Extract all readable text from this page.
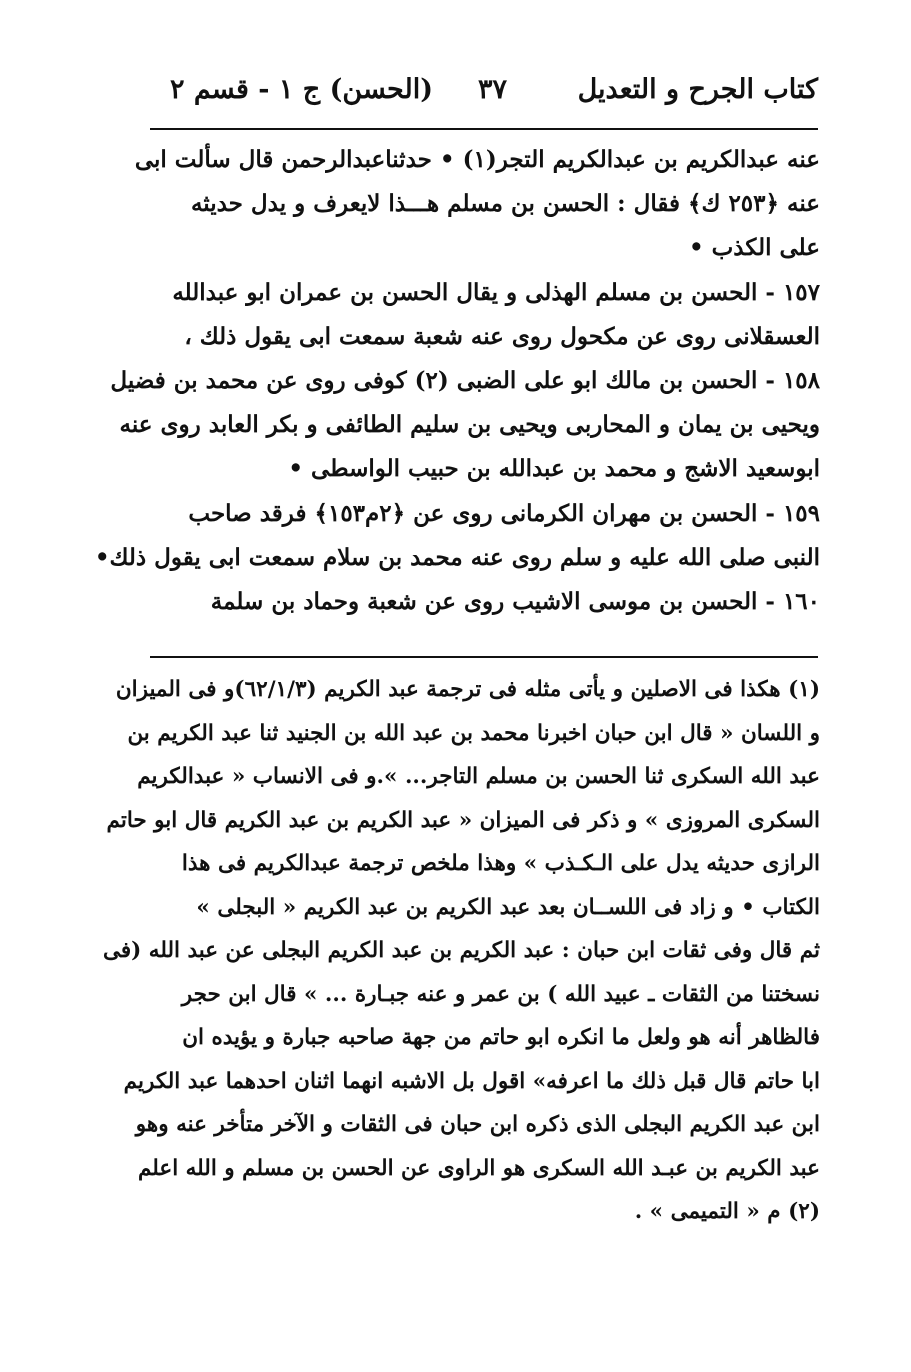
كتاب الجرح و التعديل
٣٧
(الحسن) ج ١ - قسم ٢
عنه عبدالكريم بن عبدالكريم التجر(١) • حدثناعبدالرحمن قال سألت ابى
عنه ﴿٢٥٣ ك﴾ فقال : الحسن بن مسلم هـــذا لايعرف و يدل حديثه
على الكذب •
١٥٧ - الحسن بن مسلم الهذلى و يقال الحسن بن عمران ابو عبدالله
العسقلانى روى عن مكحول روى عنه شعبة سمعت ابى يقول ذلك ،
١٥٨ - الحسن بن مالك ابو على الضبى (٢) كوفى روى عن محمد بن فضيل
ويحيى بن يمان و المحاربى ويحيى بن سليم الطائفى و بكر العابد روى عنه
ابوسعيد الاشج و محمد بن عبدالله بن حبيب الواسطى •
١٥٩ - الحسن بن مهران الكرمانى روى عن ﴿٢م١٥٣﴾ فرقد صاحب
النبى صلى الله عليه و سلم روى عنه محمد بن سلام سمعت ابى يقول ذلك•
١٦٠ - الحسن بن موسى الاشيب روى عن شعبة وحماد بن سلمة
(١) هكذا فى الاصلين و يأتى مثله فى ترجمة عبد الكريم (٦٢/١/٣)و فى الميزان
و اللسان « قال ابن حبان اخبرنا محمد بن عبد الله بن الجنيد ثنا عبد الكريم بن
عبد الله السكرى ثنا الحسن بن مسلم التاجر... ».و فى الانساب « عبدالكريم
السكرى المروزى » و ذكر فى الميزان « عبد الكريم بن عبد الكريم قال ابو حاتم
الرازى حديثه يدل على الـكـذب » وهذا ملخص ترجمة عبدالكريم فى هذا
الكتاب • و زاد فى اللســان بعد عبد الكريم بن عبد الكريم « البجلى »
ثم قال وفى ثقات ابن حبان : عبد الكريم بن عبد الكريم البجلى عن عبد الله (فى
نسختنا من الثقات ـ عبيد الله ) بن عمر و عنه جبـارة ... » قال ابن حجر
فالظاهر أنه هو ولعل ما انكره ابو حاتم من جهة صاحبه جبارة و يؤيده ان
ابا حاتم قال قبل ذلك ما اعرفه» اقول بل الاشبه انهما اثنان احدهما عبد الكريم
ابن عبد الكريم البجلى الذى ذكره ابن حبان فى الثقات و الآخر متأخر عنه وهو
عبد الكريم بن عبـد الله السكرى هو الراوى عن الحسن بن مسلم و الله اعلم
(٢) م « التميمى » .
